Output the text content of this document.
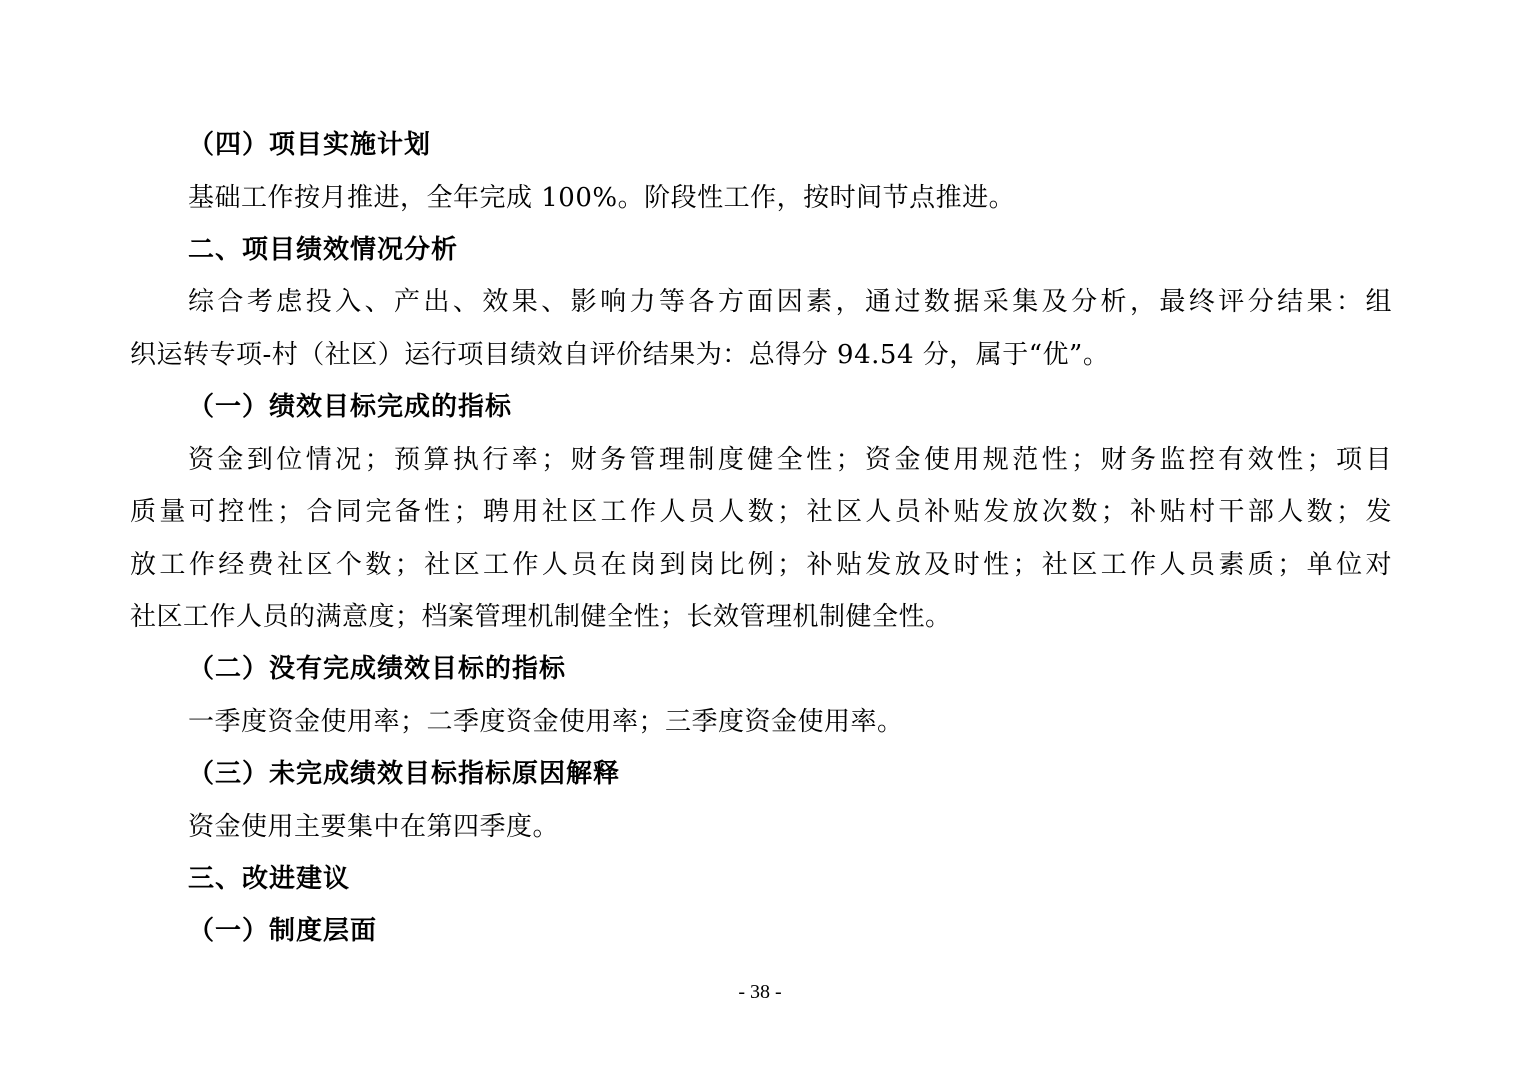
（四）项目实施计划
基础工作按月推进，全年完成 100%。阶段性工作，按时间节点推进。
二、项目绩效情况分析
综合考虑投入、产出、效果、影响力等各方面因素，通过数据采集及分析，最终评分结果：组
织运转专项-村（社区）运行项目绩效自评价结果为：总得分 94.54 分，属于“优”。
（一）绩效目标完成的指标
资金到位情况；预算执行率；财务管理制度健全性；资金使用规范性；财务监控有效性；项目
质量可控性；合同完备性；聘用社区工作人员人数；社区人员补贴发放次数；补贴村干部人数；发
放工作经费社区个数；社区工作人员在岗到岗比例；补贴发放及时性；社区工作人员素质；单位对
社区工作人员的满意度；档案管理机制健全性；长效管理机制健全性。
（二）没有完成绩效目标的指标
一季度资金使用率；二季度资金使用率；三季度资金使用率。
（三）未完成绩效目标指标原因解释
资金使用主要集中在第四季度。
三、改进建议
（一）制度层面
- 38 -
